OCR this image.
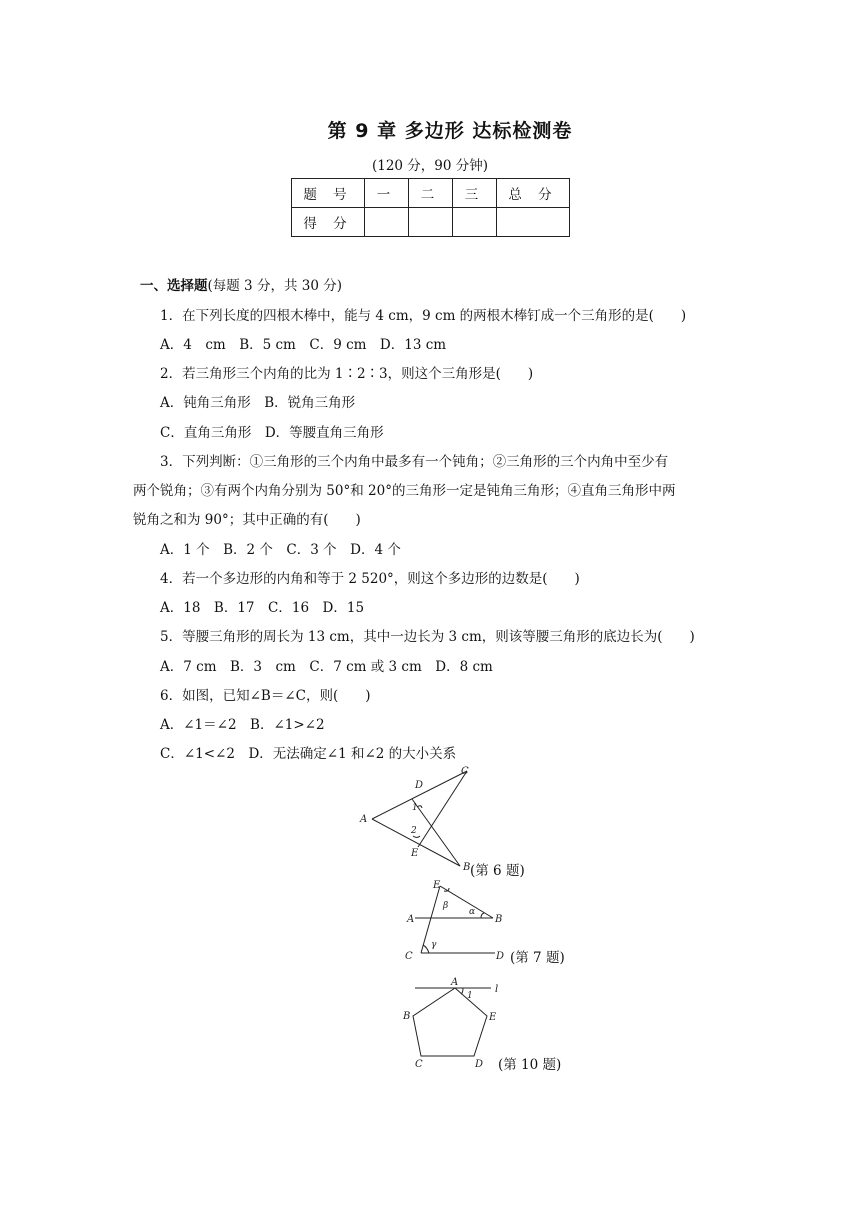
第 9 章 多边形 达标检测卷
(120 分，90 分钟)
题 号	一	二	三	总 分
得 分				
一、选择题(每题 3 分，共 30 分)
1．在下列长度的四根木棒中，能与 4 cm，9 cm 的两根木棒钉成一个三角形的是(　　)
A．4　cm　B．5 cm　C．9 cm　D．13 cm
2．若三角形三个内角的比为 1∶2∶3，则这个三角形是(　　)
A．钝角三角形　B．锐角三角形
C．直角三角形　D．等腰直角三角形
3．下列判断：①三角形的三个内角中最多有一个钝角；②三角形的三个内角中至少有
两个锐角；③有两个内角分别为 50°和 20°的三角形一定是钝角三角形；④直角三角形中两
锐角之和为 90°；其中正确的有(　　)
A．1 个　B．2 个　C．3 个　D．4 个
4．若一个多边形的内角和等于 2 520°，则这个多边形的边数是(　　)
A．18　B．17　C．16　D．15
5．等腰三角形的周长为 13 cm，其中一边长为 3 cm，则该等腰三角形的底边长为(　　)
A．7 cm　B．3　cm　C．7 cm 或 3 cm　D．8 cm
6．如图，已知∠B＝∠C，则(　　)
A．∠1＝∠2　B．∠1>∠2
C．∠1<∠2　D．无法确定∠1 和∠2 的大小关系
A
B
C
D
E
1
2
(第 6 题)
E
A	B
C	D
α
β
γ
(第 7 题)
A
B
C	D
E
l
1
(第 10 题)
